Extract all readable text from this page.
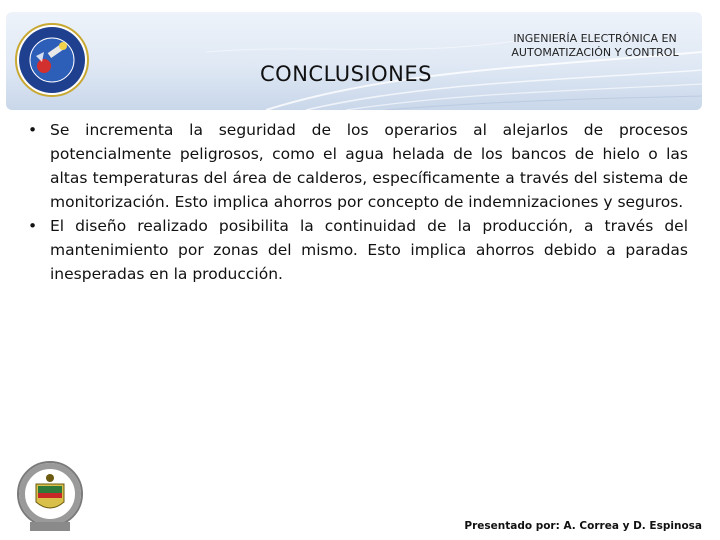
CONCLUSIONES
INGENIERÍA ELECTRÓNICA EN
AUTOMATIZACIÓN Y CONTROL

• Se incrementa la seguridad de los operarios al alejarlos de procesos potencialmente peligrosos, como el agua helada de los bancos de hielo o las altas temperaturas del área de calderos, específicamente a través del sistema de monitorización. Esto implica ahorros por concepto de indemnizaciones y seguros.

• El diseño realizado posibilita la continuidad de la producción, a través del mantenimiento por zonas del mismo. Esto implica ahorros debido a paradas inesperadas en la producción.

Presentado por: A. Correa y D. Espinosa
